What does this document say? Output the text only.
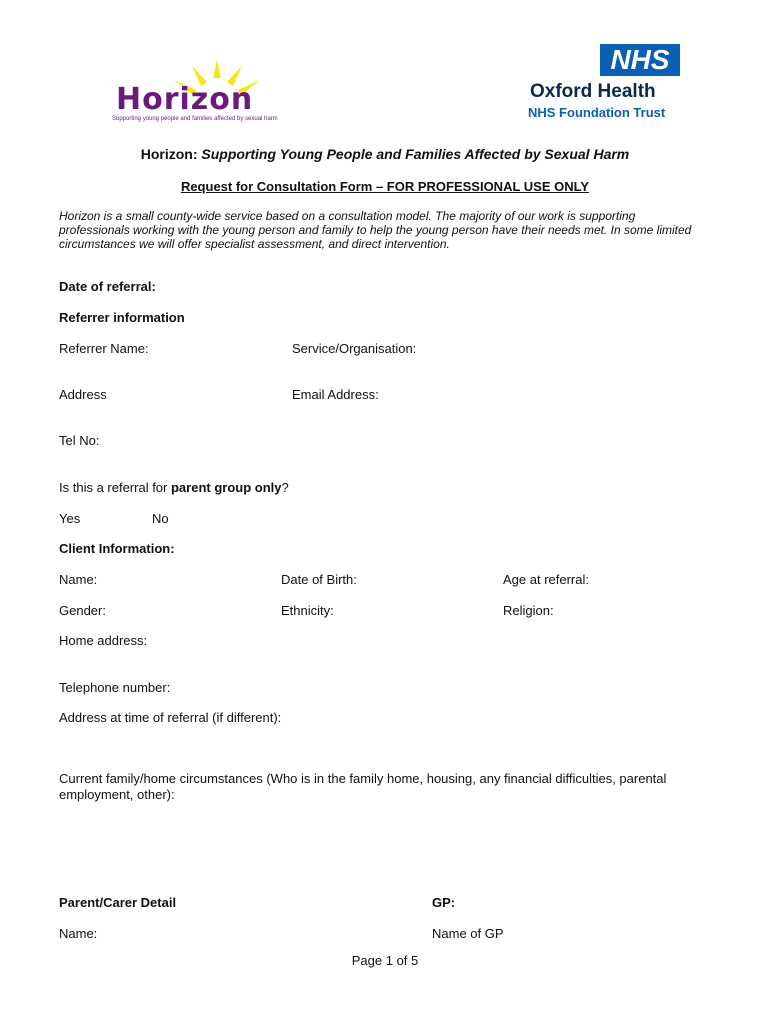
Horizon
Supporting young people and families affected by sexual harm
NHS
Oxford Health
NHS Foundation Trust
Horizon: Supporting Young People and Families Affected by Sexual Harm
Request for Consultation Form – FOR PROFESSIONAL USE ONLY
Horizon is a small county-wide service based on a consultation model. The majority of our work is supporting professionals working with the young person and family to help the young person have their needs met. In some limited circumstances we will offer specialist assessment, and direct intervention.
Date of referral:
Referrer information
Referrer Name:	Service/Organisation:
Address	Email Address:
Tel No:
Is this a referral for parent group only?
Yes	No
Client Information:
Name:	Date of Birth:	Age at referral:
Gender:	Ethnicity:	Religion:
Home address:
Telephone number:
Address at time of referral (if different):
Current family/home circumstances (Who is in the family home, housing, any financial difficulties, parental employment, other):
Parent/Carer Detail	GP:
Name:	Name of GP
Page 1 of 5
